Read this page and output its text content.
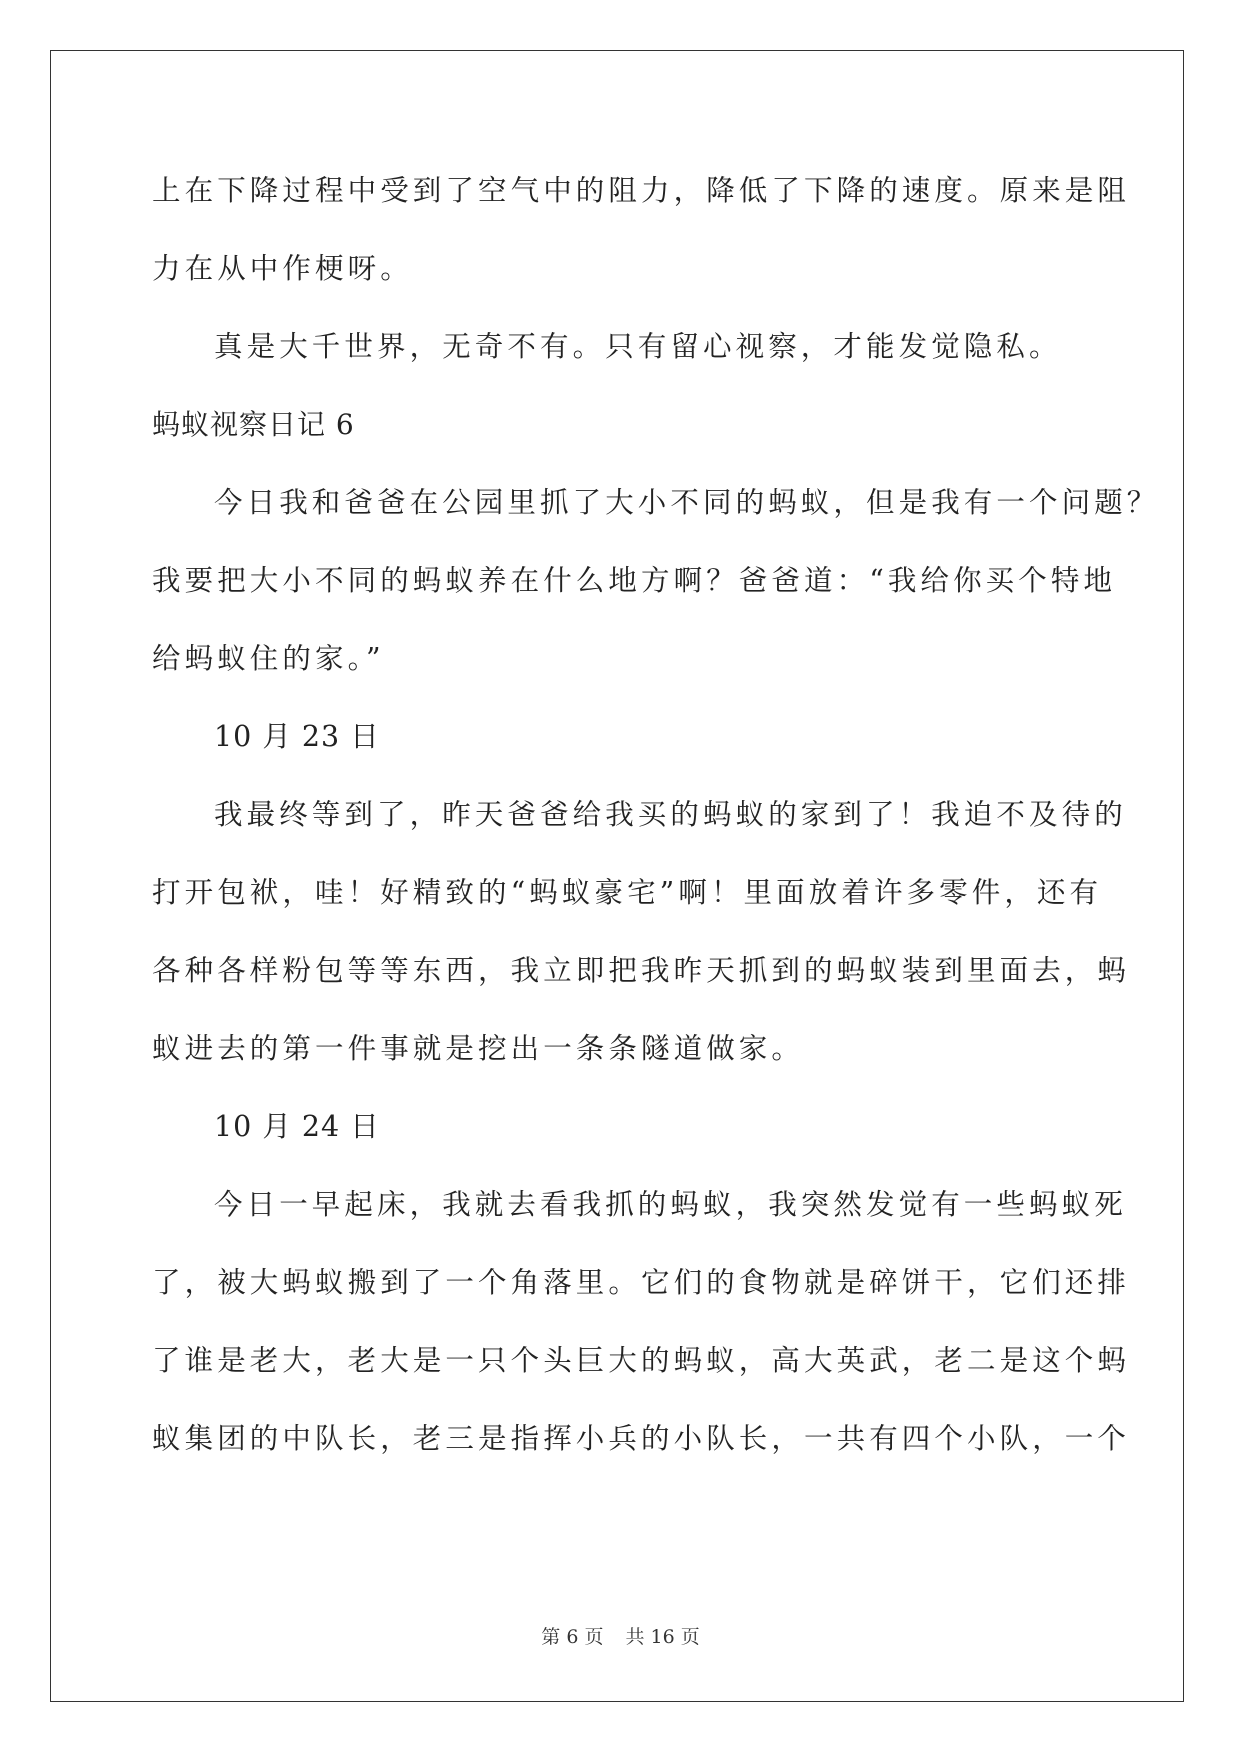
上在下降过程中受到了空气中的阻力，降低了下降的速度。原来是阻
力在从中作梗呀。
真是大千世界，无奇不有。只有留心视察，才能发觉隐私。
蚂蚁视察日记 6
今日我和爸爸在公园里抓了大小不同的蚂蚁，但是我有一个问题？
我要把大小不同的蚂蚁养在什么地方啊？爸爸道：“我给你买个特地
给蚂蚁住的家。”
10 月 23 日
我最终等到了，昨天爸爸给我买的蚂蚁的家到了！我迫不及待的
打开包袱，哇！好精致的“蚂蚁豪宅”啊！里面放着许多零件，还有
各种各样粉包等等东西，我立即把我昨天抓到的蚂蚁装到里面去，蚂
蚁进去的第一件事就是挖出一条条隧道做家。
10 月 24 日
今日一早起床，我就去看我抓的蚂蚁，我突然发觉有一些蚂蚁死
了，被大蚂蚁搬到了一个角落里。它们的食物就是碎饼干，它们还排
了谁是老大，老大是一只个头巨大的蚂蚁，高大英武，老二是这个蚂
蚁集团的中队长，老三是指挥小兵的小队长，一共有四个小队，一个
第 6 页 共 16 页
